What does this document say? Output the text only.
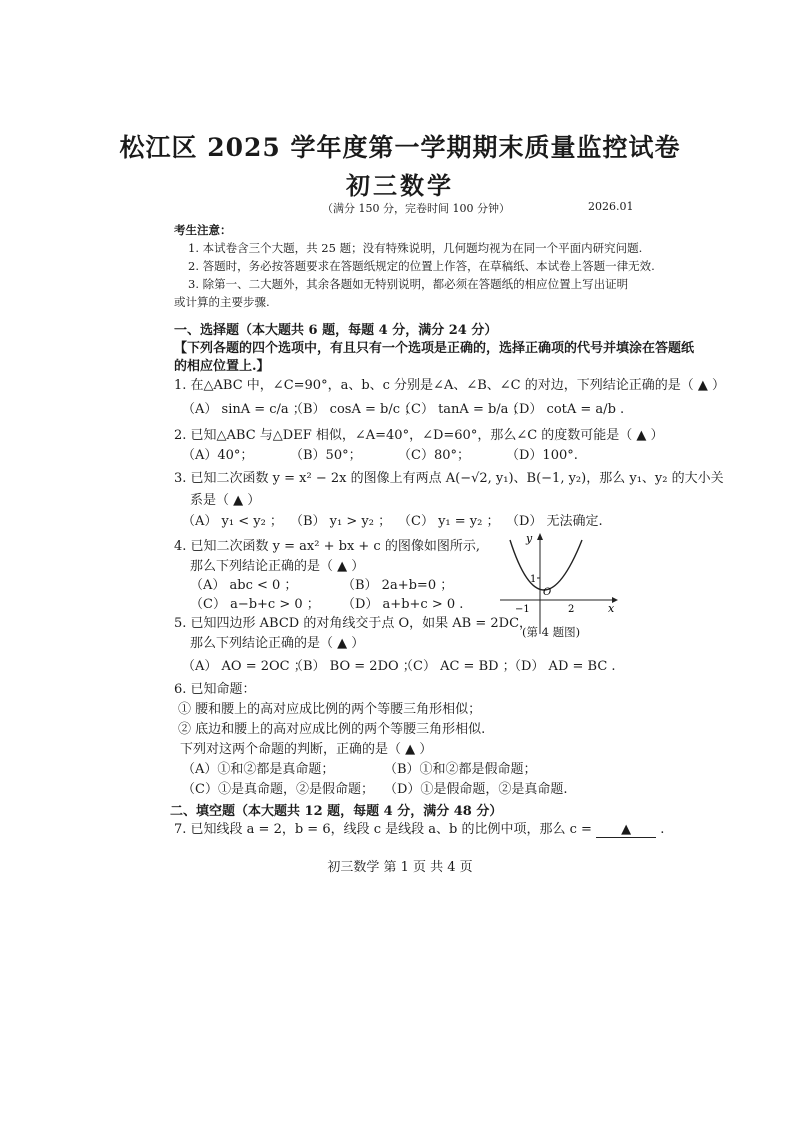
松江区 2025 学年度第一学期期末质量监控试卷
初三数学
（满分 150 分，完卷时间 100 分钟）	2026.01
考生注意：
1. 本试卷含三个大题，共 25 题；没有特殊说明，几何题均视为在同一个平面内研究问题.
2. 答题时，务必按答题要求在答题纸规定的位置上作答，在草稿纸、本试卷上答题一律无效.
3. 除第一、二大题外，其余各题如无特别说明，都必须在答题纸的相应位置上写出证明
或计算的主要步骤.
一、选择题（本大题共 6 题，每题 4 分，满分 24 分）
【下列各题的四个选项中，有且只有一个选项是正确的，选择正确项的代号并填涂在答题纸
的相应位置上.】
1. 在△ABC 中，∠C=90°，a、b、c 分别是∠A、∠B、∠C 的对边，下列结论正确的是（ ▲ ）
（A） sinA = c/a ；
（B） cosA = b/c ；
（C） tanA = b/a ；
（D） cotA = a/b .
2. 已知△ABC 与△DEF 相似，∠A=40°，∠D=60°，那么∠C 的度数可能是（ ▲ ）
（A）40°；	（B）50°；	（C）80°；	（D）100°.
3. 已知二次函数 y = x² − 2x 的图像上有两点 A(−√2, y₁)、B(−1, y₂)，那么 y₁、y₂ 的大小关
系是（ ▲ ）
（A） y₁ < y₂ ； （B） y₁ > y₂ ； （C） y₁ = y₂ ； （D） 无法确定.
4. 已知二次函数 y = ax² + bx + c 的图像如图所示,
那么下列结论正确的是（ ▲ ）
（A） abc < 0 ；	（B） 2a+b=0 ；
（C） a−b+c > 0 ； （D） a+b+c > 0 .
1
y
x
O
−1	2
(第 4 题图)
5. 已知四边形 ABCD 的对角线交于点 O，如果 AB = 2DC，
那么下列结论正确的是（ ▲ ）
（A） AO = 2OC ；
（B） BO = 2DO ；
（C） AC = BD ；
（D） AD = BC .
6. 已知命题：
① 腰和腰上的高对应成比例的两个等腰三角形相似；
② 底边和腰上的高对应成比例的两个等腰三角形相似.
下列对这两个命题的判断，正确的是（ ▲ ）
（A）①和②都是真命题；	（B）①和②都是假命题；
（C）①是真命题，②是假命题； （D）①是假命题，②是真命题.
二、填空题（本大题共 12 题，每题 4 分，满分 48 分）
7. 已知线段 a = 2，b = 6，线段 c 是线段 a、b 的比例中项，那么 c = ▲ .
初三数学 第 1 页 共 4 页
